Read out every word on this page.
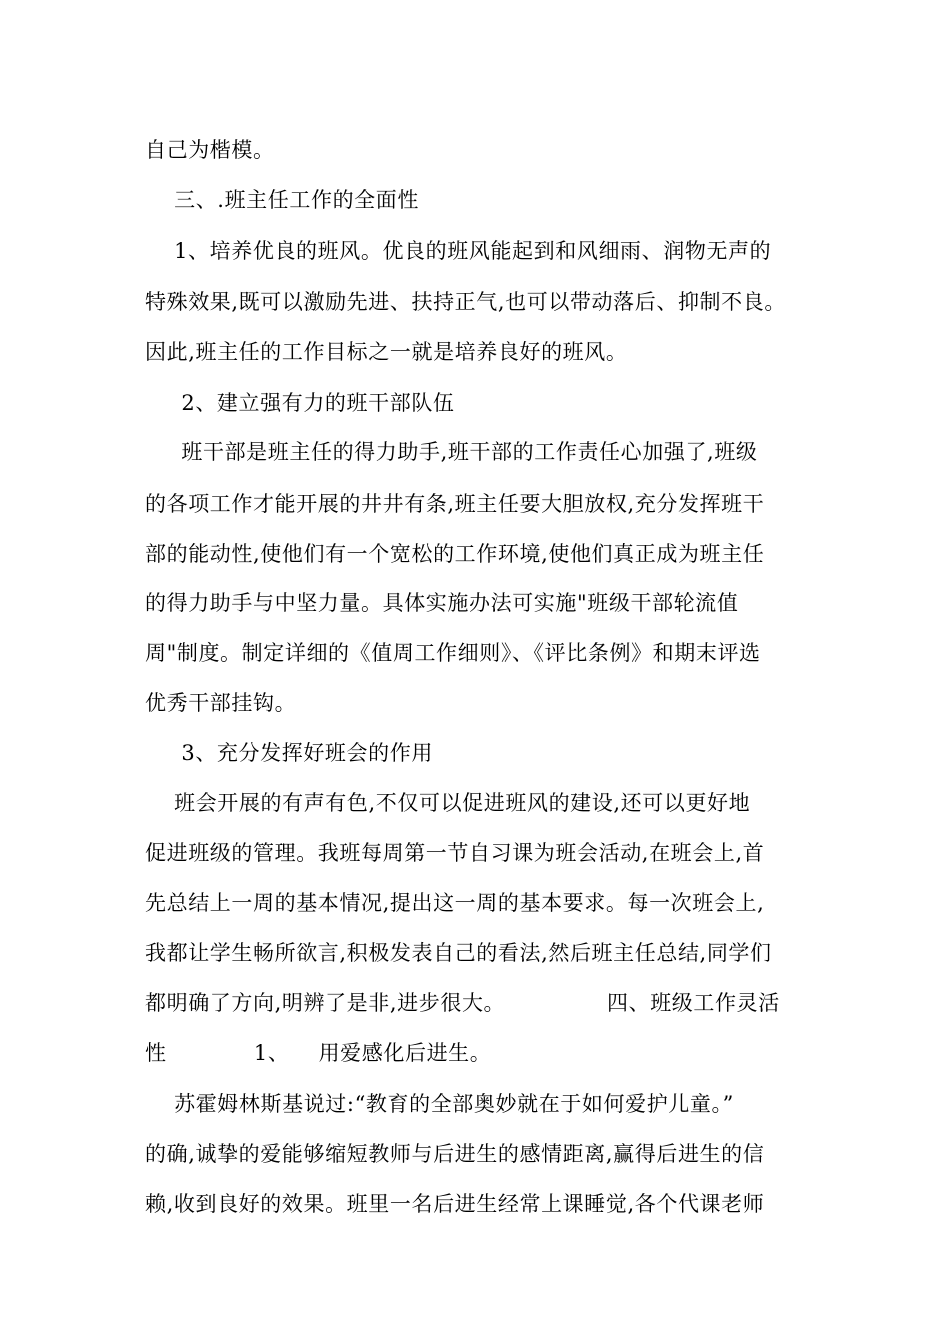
自己为楷模。
三、.班主任工作的全面性
1、培养优良的班风。优良的班风能起到和风细雨、润物无声的
特殊效果,既可以激励先进、扶持正气,也可以带动落后、抑制不良。
因此,班主任的工作目标之一就是培养良好的班风。
2、建立强有力的班干部队伍
班干部是班主任的得力助手,班干部的工作责任心加强了,班级
的各项工作才能开展的井井有条,班主任要大胆放权,充分发挥班干
部的能动性,使他们有一个宽松的工作环境,使他们真正成为班主任
的得力助手与中坚力量。具体实施办法可实施"班级干部轮流值
周"制度。制定详细的《值周工作细则》、《评比条例》和期末评选
优秀干部挂钩。
3、充分发挥好班会的作用
班会开展的有声有色,不仅可以促进班风的建设,还可以更好地
促进班级的管理。我班每周第一节自习课为班会活动,在班会上,首
先总结上一周的基本情况,提出这一周的基本要求。每一次班会上,
我都让学生畅所欲言,积极发表自己的看法,然后班主任总结,同学们
都明确了方向,明辨了是非,进步很大。              四、班级工作灵活
性            1、    用爱感化后进生。
苏霍姆林斯基说过:“教育的全部奥妙就在于如何爱护儿童。”
的确,诚挚的爱能够缩短教师与后进生的感情距离,赢得后进生的信
赖,收到良好的效果。班里一名后进生经常上课睡觉,各个代课老师
